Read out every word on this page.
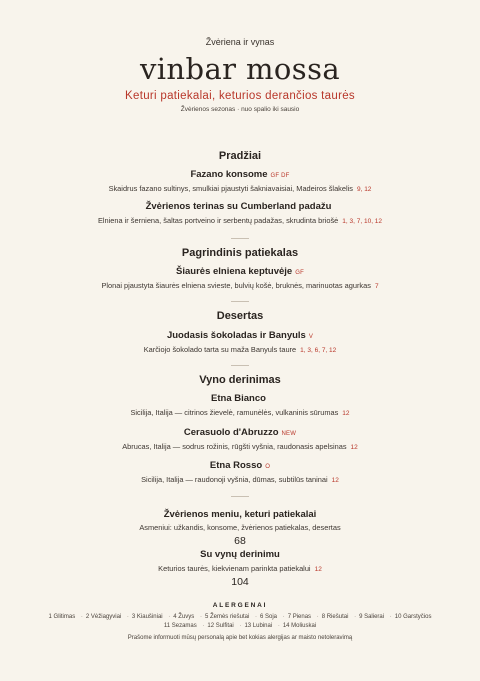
Žvėriena ir vynas
vinbar mossa
Keturi patiekalai, keturios derančios taurės
Žvėrienos sezonas · nuo spalio iki sausio
Pradžiai
Fazano konsome GF DF
Skaidrus fazano sultinys, smulkiai pjaustyti šakniavaisiai, Madeiros šlakelis 9, 12
Žvėrienos terinas su Cumberland padažu
Elniena ir šerniena, šaltas portveino ir serbentų padažas, skrudinta briošė 1, 3, 7, 10, 12
Pagrindinis patiekalas
Šiaurės elniena keptuvėje GF
Plonai pjaustyta šiaurės elniena sviestе, bulvių košė, bruknės, marinuotas agurkas 7
Desertas
Juodasis šokoladas ir Banyuls V
Karčiojo šokolado tarta su maža Banyuls taure 1, 3, 6, 7, 12
Vyno derinimas
Etna Bianco
Sicilija, Italija — citrinos žievelė, ramunėlės, vulkaninis sūrumas 12
Cerasuolo d'Abruzzo NEW
Abrucas, Italija — sodrus rožinis, rūgšti vyšnia, raudonasis apelsinas 12
Etna Rosso O
Sicilija, Italija — raudonoji vyšnia, dūmas, subtilūs taninai 12
Žvėrienos meniu, keturi patiekalai
Asmeniui: užkandis, konsome, žvėrienos patiekalas, desertas
68
Su vynų derinimu
Keturios taurės, kiekvienam parinkta patiekalui 12
104
ALERGENAI
1 Glitimas · 2 Vėžiagyviai · 3 Kiaušiniai · 4 Žuvys · 5 Žemės riešutai · 6 Soja · 7 Pienas · 8 Riešutai · 9 Salierai · 10 Garstyčios
11 Sezamas · 12 Sulfitai · 13 Lubinai · 14 Moliuskai
Prašome informuoti mūsų personalą apie bet kokias alergijas ar maisto netoleravimą
